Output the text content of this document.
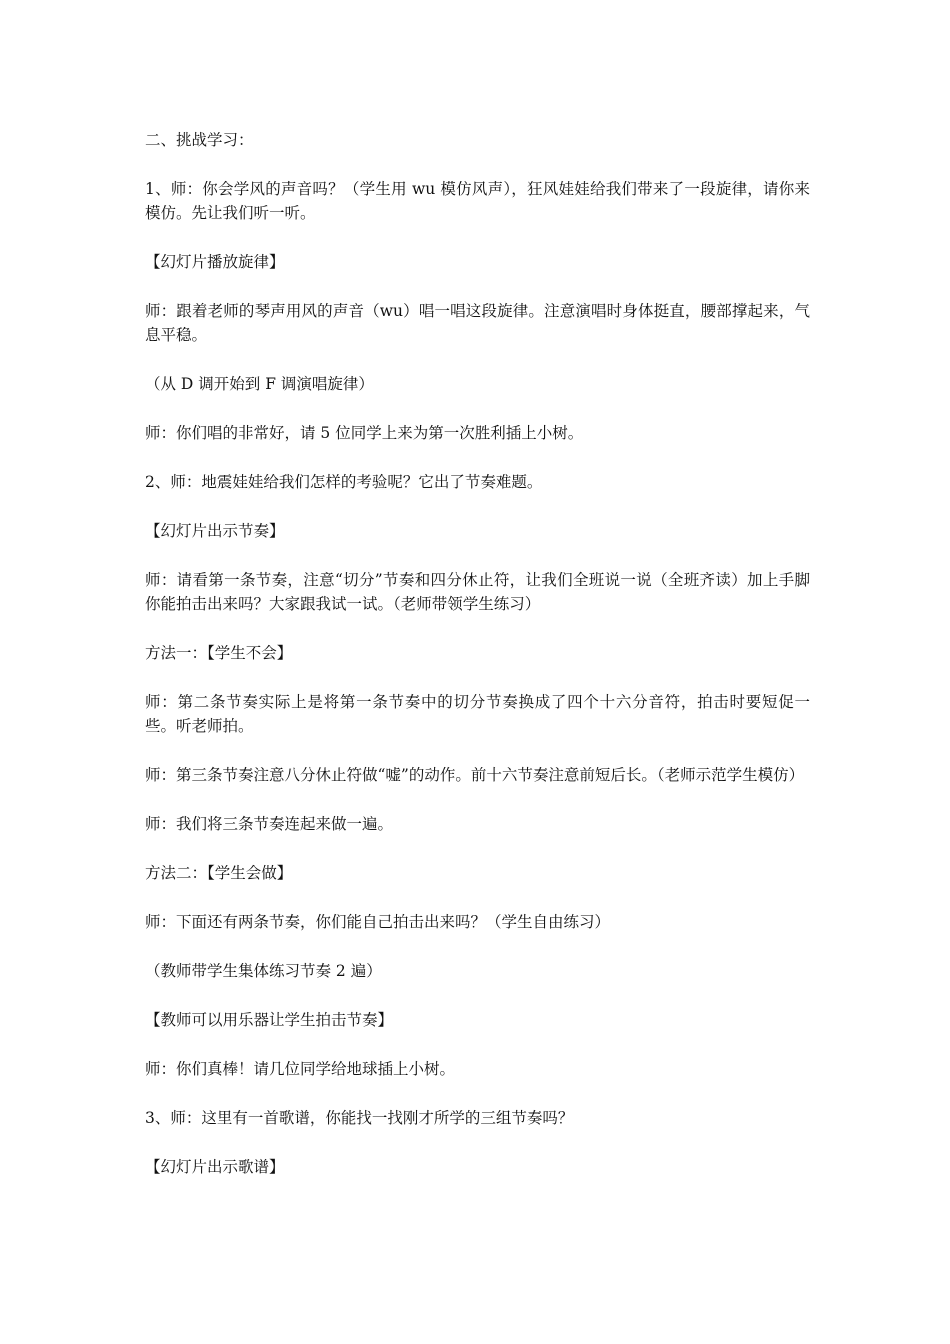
二、挑战学习：

1、师：你会学风的声音吗？（学生用 wu 模仿风声），狂风娃娃给我们带来了一段旋律，请你来模仿。先让我们听一听。

【幻灯片播放旋律】

师：跟着老师的琴声用风的声音（wu）唱一唱这段旋律。注意演唱时身体挺直，腰部撑起来，气息平稳。

（从 D 调开始到 F 调演唱旋律）

师：你们唱的非常好，请 5 位同学上来为第一次胜利插上小树。

2、师：地震娃娃给我们怎样的考验呢？它出了节奏难题。

【幻灯片出示节奏】

师：请看第一条节奏，注意“切分”节奏和四分休止符，让我们全班说一说（全班齐读）加上手脚你能拍击出来吗？大家跟我试一试。（老师带领学生练习）

方法一：【学生不会】

师：第二条节奏实际上是将第一条节奏中的切分节奏换成了四个十六分音符，拍击时要短促一些。听老师拍。

师：第三条节奏注意八分休止符做“嘘”的动作。前十六节奏注意前短后长。（老师示范学生模仿）

师：我们将三条节奏连起来做一遍。

方法二：【学生会做】

师：下面还有两条节奏，你们能自己拍击出来吗？（学生自由练习）

（教师带学生集体练习节奏 2 遍）

【教师可以用乐器让学生拍击节奏】

师：你们真棒！请几位同学给地球插上小树。

3、师：这里有一首歌谱，你能找一找刚才所学的三组节奏吗？

【幻灯片出示歌谱】
